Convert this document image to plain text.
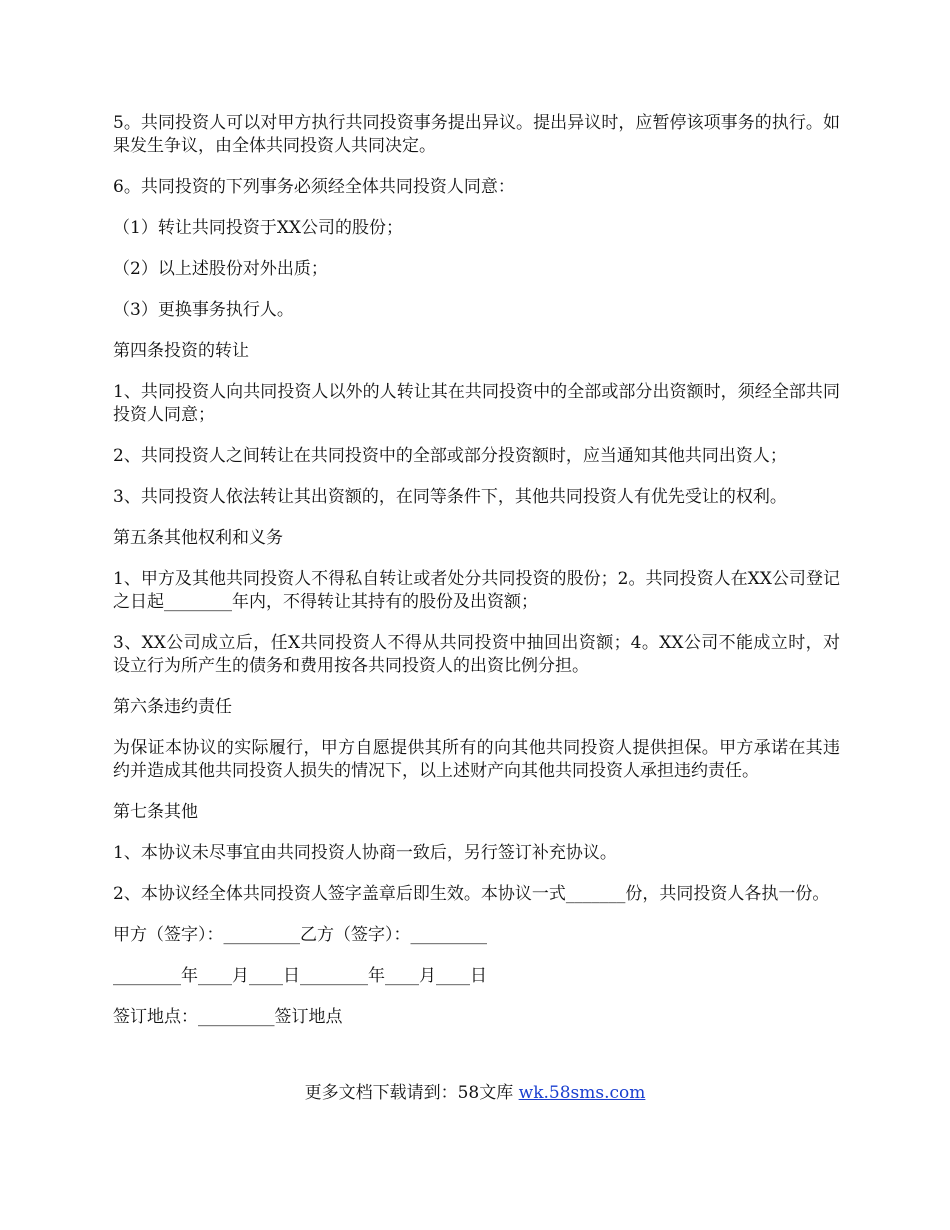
5。共同投资人可以对甲方执行共同投资事务提出异议。提出异议时，应暂停该项事务的执行。如果发生争议，由全体共同投资人共同决定。

6。共同投资的下列事务必须经全体共同投资人同意：

（1）转让共同投资于XX公司的股份；

（2）以上述股份对外出质；

（3）更换事务执行人。

第四条投资的转让

1、共同投资人向共同投资人以外的人转让其在共同投资中的全部或部分出资额时，须经全部共同投资人同意；

2、共同投资人之间转让在共同投资中的全部或部分投资额时，应当通知其他共同出资人；

3、共同投资人依法转让其出资额的，在同等条件下，其他共同投资人有优先受让的权利。

第五条其他权利和义务

1、甲方及其他共同投资人不得私自转让或者处分共同投资的股份；2。共同投资人在XX公司登记之日起________年内，不得转让其持有的股份及出资额；

3、XX公司成立后，任X共同投资人不得从共同投资中抽回出资额；4。XX公司不能成立时，对设立行为所产生的债务和费用按各共同投资人的出资比例分担。

第六条违约责任

为保证本协议的实际履行，甲方自愿提供其所有的向其他共同投资人提供担保。甲方承诺在其违约并造成其他共同投资人损失的情况下，以上述财产向其他共同投资人承担违约责任。

第七条其他

1、本协议未尽事宜由共同投资人协商一致后，另行签订补充协议。

2、本协议经全体共同投资人签字盖章后即生效。本协议一式_______份，共同投资人各执一份。

甲方（签字）：_________乙方（签字）：_________

________年____月____日________年____月____日

签订地点：_________签订地点

更多文档下载请到：58文库 wk.58sms.com
